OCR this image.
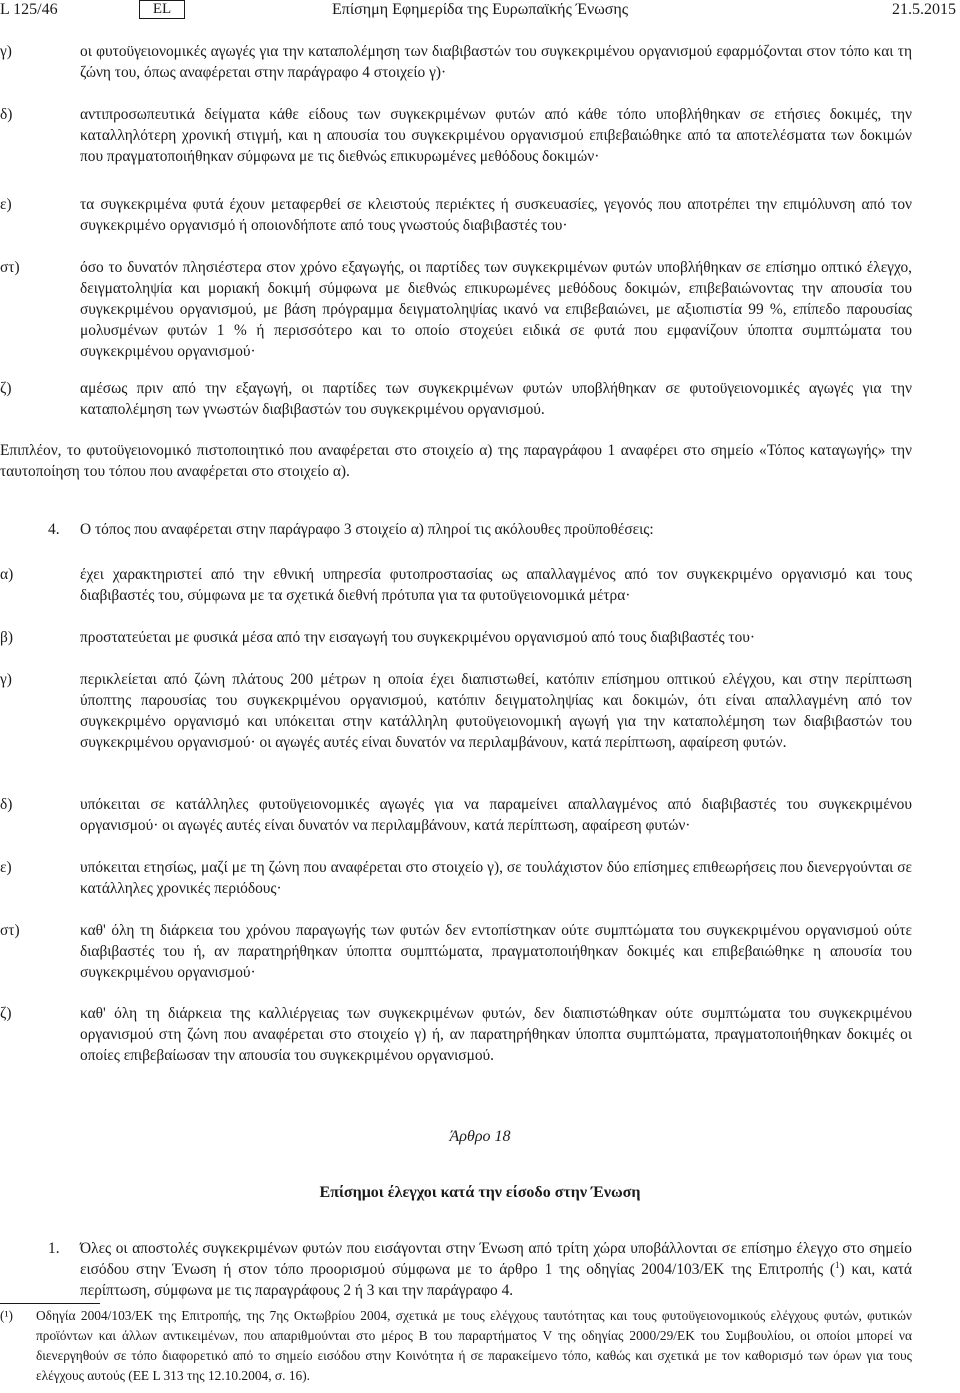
L 125/46	EL	Επίσημη Εφημερίδα της Ευρωπαϊκής Ένωσης	21.5.2015
γ)	οι φυτοϋγειονομικές αγωγές για την καταπολέμηση των διαβιβαστών του συγκεκριμένου οργανισμού εφαρμόζονται στον τόπο και τη ζώνη του, όπως αναφέρεται στην παράγραφο 4 στοιχείο γ)·
δ)	αντιπροσωπευτικά δείγματα κάθε είδους των συγκεκριμένων φυτών από κάθε τόπο υποβλήθηκαν σε ετήσιες δοκιμές, την καταλληλότερη χρονική στιγμή, και η απουσία του συγκεκριμένου οργανισμού επιβεβαιώθηκε από τα αποτελέσματα των δοκιμών που πραγματοποιήθηκαν σύμφωνα με τις διεθνώς επικυρωμένες μεθόδους δοκιμών·
ε)	τα συγκεκριμένα φυτά έχουν μεταφερθεί σε κλειστούς περιέκτες ή συσκευασίες, γεγονός που αποτρέπει την επιμόλυνση από τον συγκεκριμένο οργανισμό ή οποιονδήποτε από τους γνωστούς διαβιβαστές του·
στ)	όσο το δυνατόν πλησιέστερα στον χρόνο εξαγωγής, οι παρτίδες των συγκεκριμένων φυτών υποβλήθηκαν σε επίσημο οπτικό έλεγχο, δειγματοληψία και μοριακή δοκιμή σύμφωνα με διεθνώς επικυρωμένες μεθόδους δοκιμών, επιβεβαιώνοντας την απουσία του συγκεκριμένου οργανισμού, με βάση πρόγραμμα δειγματοληψίας ικανό να επιβεβαιώνει, με αξιοπιστία 99 %, επίπεδο παρουσίας μολυσμένων φυτών 1 % ή περισσότερο και το οποίο στοχεύει ειδικά σε φυτά που εμφανίζουν ύποπτα συμπτώματα του συγκεκριμένου οργανισμού·
ζ)	αμέσως πριν από την εξαγωγή, οι παρτίδες των συγκεκριμένων φυτών υποβλήθηκαν σε φυτοϋγειονομικές αγωγές για την καταπολέμηση των γνωστών διαβιβαστών του συγκεκριμένου οργανισμού.
Επιπλέον, το φυτοϋγειονομικό πιστοποιητικό που αναφέρεται στο στοιχείο α) της παραγράφου 1 αναφέρει στο σημείο «Τόπος καταγωγής» την ταυτοποίηση του τόπου που αναφέρεται στο στοιχείο α).
4. Ο τόπος που αναφέρεται στην παράγραφο 3 στοιχείο α) πληροί τις ακόλουθες προϋποθέσεις:
α)	έχει χαρακτηριστεί από την εθνική υπηρεσία φυτοπροστασίας ως απαλλαγμένος από τον συγκεκριμένο οργανισμό και τους διαβιβαστές του, σύμφωνα με τα σχετικά διεθνή πρότυπα για τα φυτοϋγειονομικά μέτρα·
β)	προστατεύεται με φυσικά μέσα από την εισαγωγή του συγκεκριμένου οργανισμού από τους διαβιβαστές του·
γ)	περικλείεται από ζώνη πλάτους 200 μέτρων η οποία έχει διαπιστωθεί, κατόπιν επίσημου οπτικού ελέγχου, και στην περίπτωση ύποπτης παρουσίας του συγκεκριμένου οργανισμού, κατόπιν δειγματοληψίας και δοκιμών, ότι είναι απαλλαγμένη από τον συγκεκριμένο οργανισμό και υπόκειται στην κατάλληλη φυτοϋγειονομική αγωγή για την καταπολέμηση των διαβιβαστών του συγκεκριμένου οργανισμού· οι αγωγές αυτές είναι δυνατόν να περιλαμβάνουν, κατά περίπτωση, αφαίρεση φυτών.
δ)	υπόκειται σε κατάλληλες φυτοϋγειονομικές αγωγές για να παραμείνει απαλλαγμένος από διαβιβαστές του συγκεκριμένου οργανισμού· οι αγωγές αυτές είναι δυνατόν να περιλαμβάνουν, κατά περίπτωση, αφαίρεση φυτών·
ε)	υπόκειται ετησίως, μαζί με τη ζώνη που αναφέρεται στο στοιχείο γ), σε τουλάχιστον δύο επίσημες επιθεωρήσεις που διενεργούνται σε κατάλληλες χρονικές περιόδους·
στ)	καθ' όλη τη διάρκεια του χρόνου παραγωγής των φυτών δεν εντοπίστηκαν ούτε συμπτώματα του συγκεκριμένου οργανισμού ούτε διαβιβαστές του ή, αν παρατηρήθηκαν ύποπτα συμπτώματα, πραγματοποιήθηκαν δοκιμές και επιβεβαιώθηκε η απουσία του συγκεκριμένου οργανισμού·
ζ)	καθ' όλη τη διάρκεια της καλλιέργειας των συγκεκριμένων φυτών, δεν διαπιστώθηκαν ούτε συμπτώματα του συγκεκριμένου οργανισμού στη ζώνη που αναφέρεται στο στοιχείο γ) ή, αν παρατηρήθηκαν ύποπτα συμπτώματα, πραγματοποιήθηκαν δοκιμές οι οποίες επιβεβαίωσαν την απουσία του συγκεκριμένου οργανισμού.
Άρθρο 18
Επίσημοι έλεγχοι κατά την είσοδο στην Ένωση
1. Όλες οι αποστολές συγκεκριμένων φυτών που εισάγονται στην Ένωση από τρίτη χώρα υποβάλλονται σε επίσημο έλεγχο στο σημείο εισόδου στην Ένωση ή στον τόπο προορισμού σύμφωνα με το άρθρο 1 της οδηγίας 2004/103/ΕΚ της Επιτροπής ($^1$) και, κατά περίπτωση, σύμφωνα με τις παραγράφους 2 ή 3 και την παράγραφο 4.
(¹) Οδηγία 2004/103/ΕΚ της Επιτροπής, της 7ης Οκτωβρίου 2004, σχετικά με τους ελέγχους ταυτότητας και τους φυτοϋγειονομικούς ελέγχους φυτών, φυτικών προϊόντων και άλλων αντικειμένων, που απαριθμούνται στο μέρος Β του παραρτήματος V της οδηγίας 2000/29/ΕΚ του Συμβουλίου, οι οποίοι μπορεί να διενεργηθούν σε τόπο διαφορετικό από το σημείο εισόδου στην Κοινότητα ή σε παρακείμενο τόπο, καθώς και σχετικά με τον καθορισμό των όρων για τους ελέγχους αυτούς (ΕΕ L 313 της 12.10.2004, σ. 16).
